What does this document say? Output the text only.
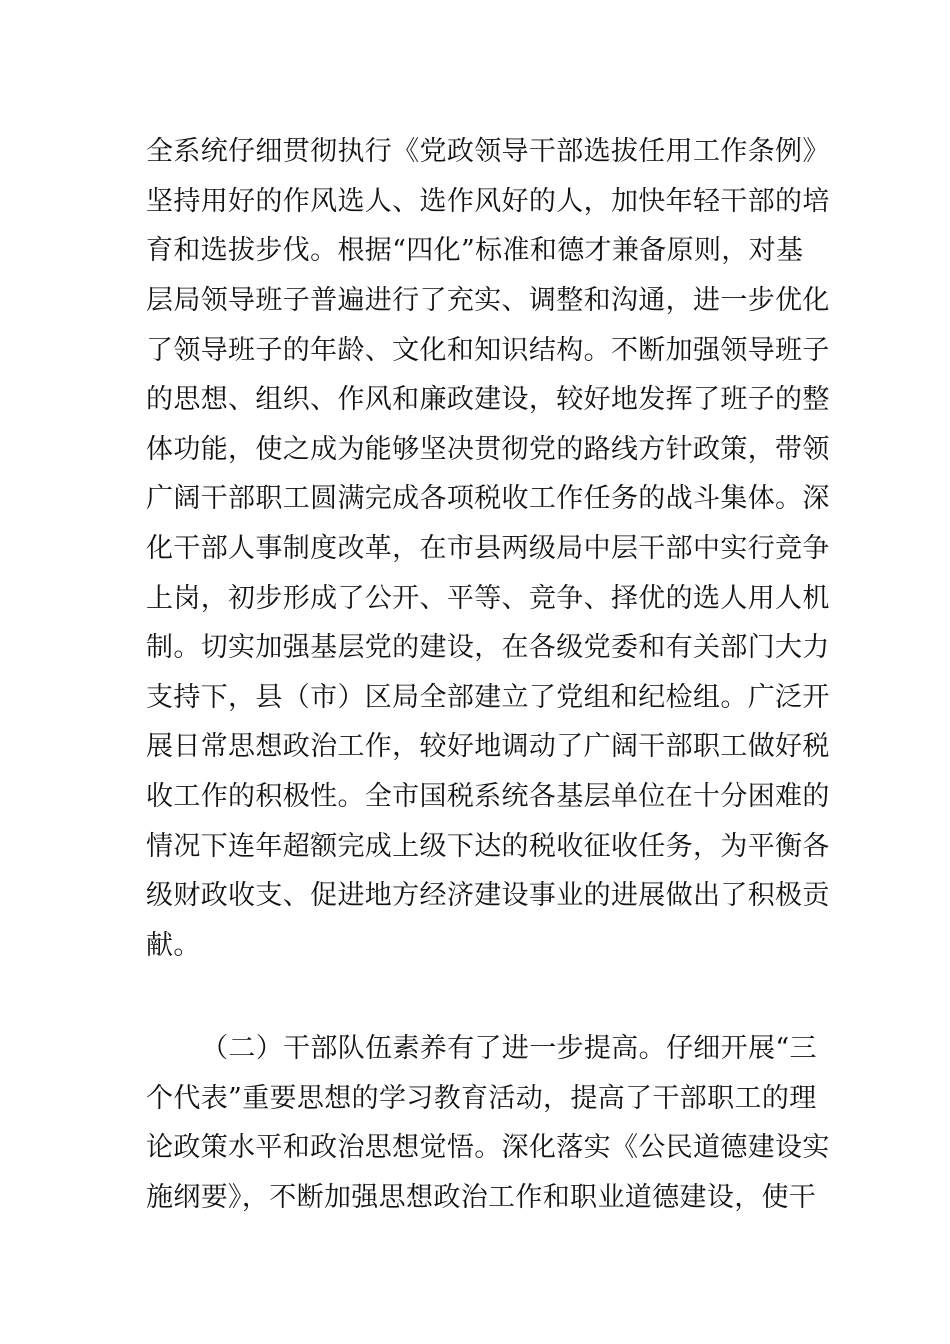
全系统仔细贯彻执行《党政领导干部选拔任用工作条例》
坚持用好的作风选人、选作风好的人，加快年轻干部的培
育和选拔步伐。根据“四化”标准和德才兼备原则，对基
层局领导班子普遍进行了充实、调整和沟通，进一步优化
了领导班子的年龄、文化和知识结构。不断加强领导班子
的思想、组织、作风和廉政建设，较好地发挥了班子的整
体功能，使之成为能够坚决贯彻党的路线方针政策，带领
广阔干部职工圆满完成各项税收工作任务的战斗集体。深
化干部人事制度改革，在市县两级局中层干部中实行竞争
上岗，初步形成了公开、平等、竞争、择优的选人用人机
制。切实加强基层党的建设，在各级党委和有关部门大力
支持下，县（市）区局全部建立了党组和纪检组。广泛开
展日常思想政治工作，较好地调动了广阔干部职工做好税
收工作的积极性。全市国税系统各基层单位在十分困难的
情况下连年超额完成上级下达的税收征收任务，为平衡各
级财政收支、促进地方经济建设事业的进展做出了积极贡
献。
（二）干部队伍素养有了进一步提高。仔细开展“三
个代表”重要思想的学习教育活动，提高了干部职工的理
论政策水平和政治思想觉悟。深化落实《公民道德建设实
施纲要》，不断加强思想政治工作和职业道德建设，使干
